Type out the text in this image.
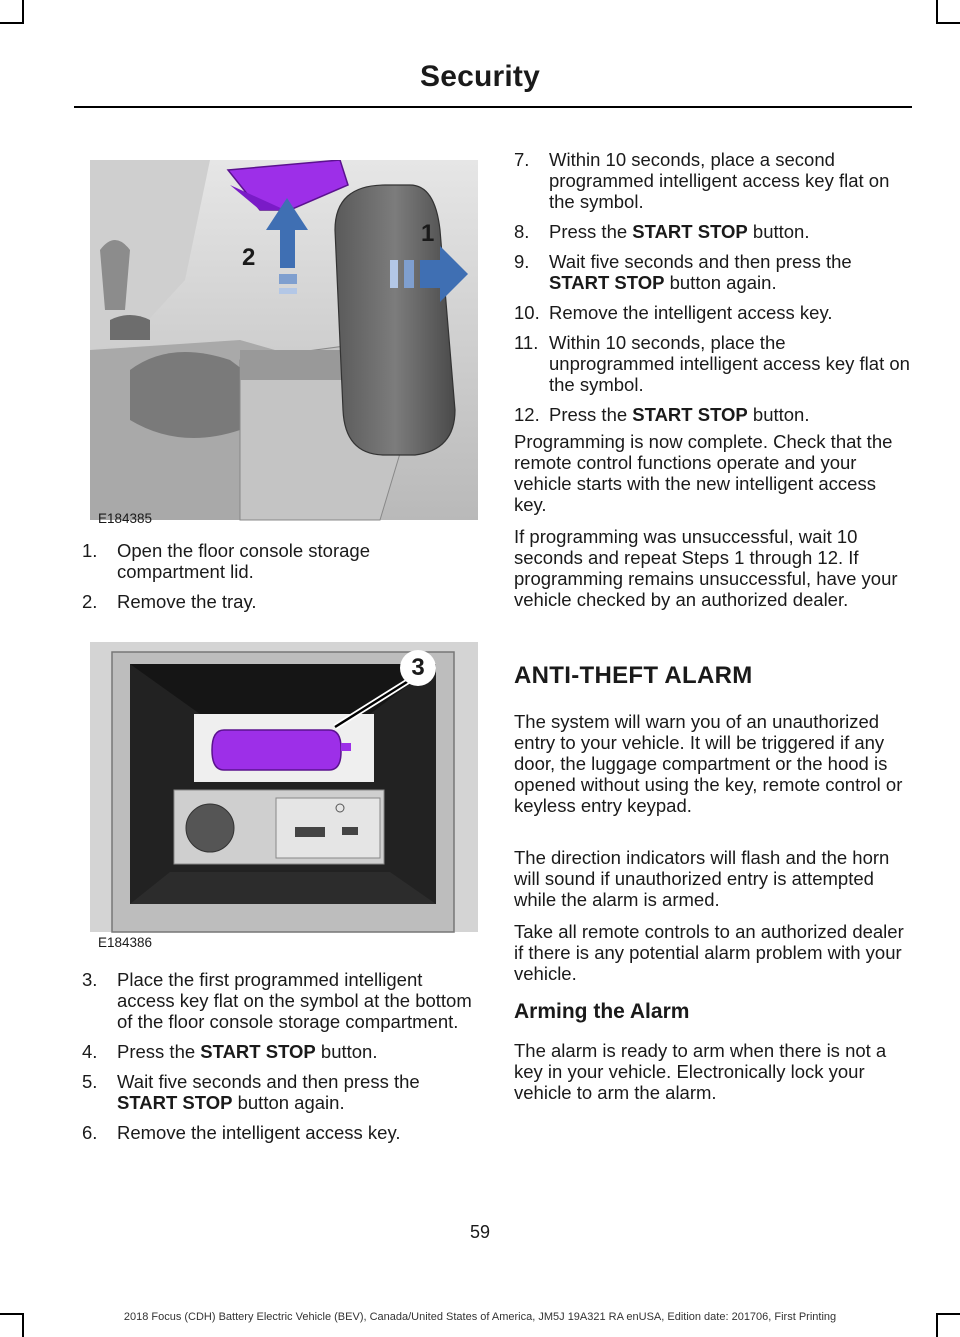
Security
1
2
E184385
1. Open the floor console storage compartment lid.
2. Remove the tray.
3
E184386
3. Place the first programmed intelligent access key flat on the symbol at the bottom of the floor console storage compartment.
4. Press the START STOP button.
5. Wait five seconds and then press the START STOP button again.
6. Remove the intelligent access key.
7. Within 10 seconds, place a second programmed intelligent access key flat on the symbol.
8. Press the START STOP button.
9. Wait five seconds and then press the START STOP button again.
10. Remove the intelligent access key.
11. Within 10 seconds, place the unprogrammed intelligent access key flat on the symbol.
12. Press the START STOP button.

Programming is now complete. Check that the remote control functions operate and your vehicle starts with the new intelligent access key.

If programming was unsuccessful, wait 10 seconds and repeat Steps 1 through 12. If programming remains unsuccessful, have your vehicle checked by an authorized dealer.

ANTI-THEFT ALARM

The system will warn you of an unauthorized entry to your vehicle. It will be triggered if any door, the luggage compartment or the hood is opened without using the key, remote control or keyless entry keypad.

The direction indicators will flash and the horn will sound if unauthorized entry is attempted while the alarm is armed.

Take all remote controls to an authorized dealer if there is any potential alarm problem with your vehicle.

Arming the Alarm

The alarm is ready to arm when there is not a key in your vehicle. Electronically lock your vehicle to arm the alarm.

59
2018 Focus (CDH) Battery Electric Vehicle (BEV), Canada/United States of America, JM5J 19A321 RA enUSA, Edition date: 201706, First Printing
